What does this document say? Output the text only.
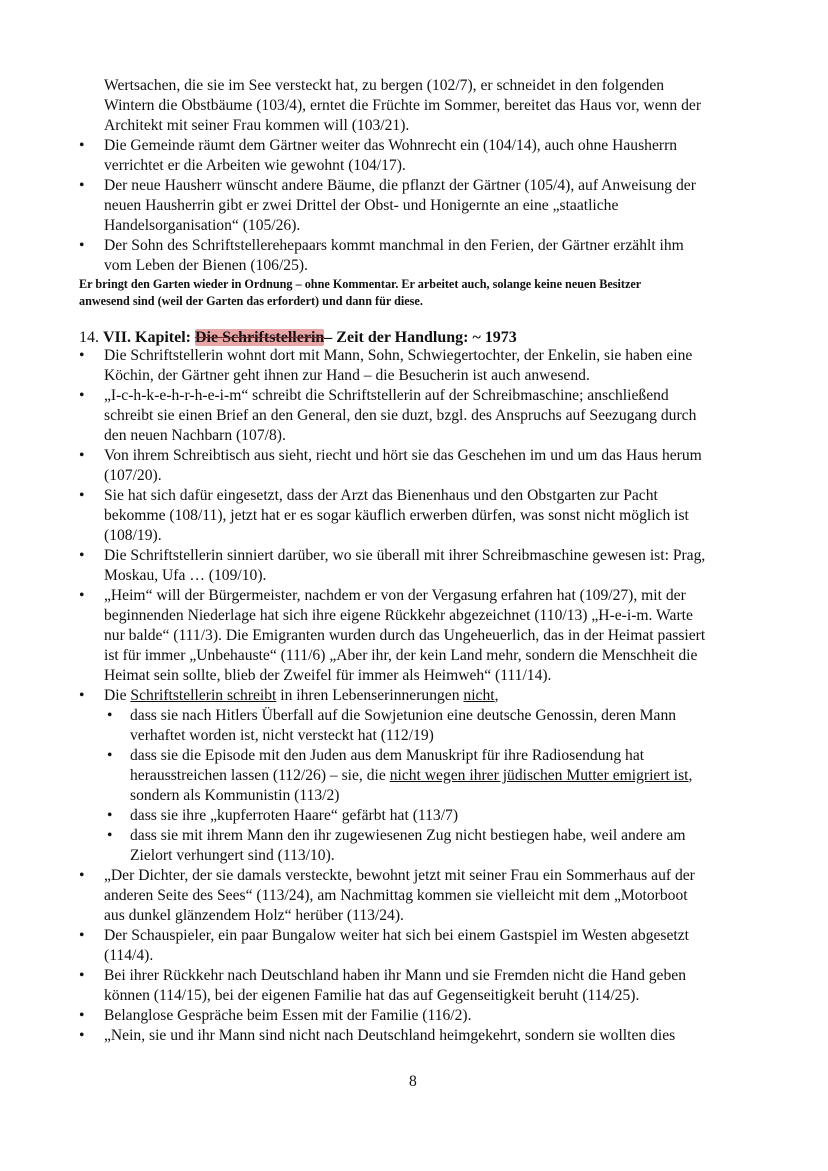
Wertsachen, die sie im See versteckt hat, zu bergen (102/7), er schneidet in den folgenden
Wintern die Obstbäume (103/4), erntet die Früchte im Sommer, bereitet das Haus vor, wenn der
Architekt mit seiner Frau kommen will (103/21).
• Die Gemeinde räumt dem Gärtner weiter das Wohnrecht ein (104/14), auch ohne Hausherrn
verrichtet er die Arbeiten wie gewohnt (104/17).
• Der neue Hausherr wünscht andere Bäume, die pflanzt der Gärtner (105/4), auf Anweisung der
neuen Hausherrin gibt er zwei Drittel der Obst- und Honigernte an eine „staatliche
Handelsorganisation“ (105/26).
• Der Sohn des Schriftstellerehepaars kommt manchmal in den Ferien, der Gärtner erzählt ihm
vom Leben der Bienen (106/25).
Er bringt den Garten wieder in Ordnung – ohne Kommentar. Er arbeitet auch, solange keine neuen Besitzer
anwesend sind (weil der Garten das erfordert) und dann für diese.
14. VII. Kapitel: Die Schriftstellerin– Zeit der Handlung: ~ 1973
• Die Schriftstellerin wohnt dort mit Mann, Sohn, Schwiegertochter, der Enkelin, sie haben eine
Köchin, der Gärtner geht ihnen zur Hand – die Besucherin ist auch anwesend.
• „I-c-h-k-e-h-r-h-e-i-m“ schreibt die Schriftstellerin auf der Schreibmaschine; anschließend
schreibt sie einen Brief an den General, den sie duzt, bzgl. des Anspruchs auf Seezugang durch
den neuen Nachbarn (107/8).
• Von ihrem Schreibtisch aus sieht, riecht und hört sie das Geschehen im und um das Haus herum
(107/20).
• Sie hat sich dafür eingesetzt, dass der Arzt das Bienenhaus und den Obstgarten zur Pacht
bekomme (108/11), jetzt hat er es sogar käuflich erwerben dürfen, was sonst nicht möglich ist
(108/19).
• Die Schriftstellerin sinniert darüber, wo sie überall mit ihrer Schreibmaschine gewesen ist: Prag,
Moskau, Ufa … (109/10).
• „Heim“ will der Bürgermeister, nachdem er von der Vergasung erfahren hat (109/27), mit der
beginnenden Niederlage hat sich ihre eigene Rückkehr abgezeichnet (110/13) „H-e-i-m. Warte
nur balde“ (111/3). Die Emigranten wurden durch das Ungeheuerlich, das in der Heimat passiert
ist für immer „Unbehauste“ (111/6) „Aber ihr, der kein Land mehr, sondern die Menschheit die
Heimat sein sollte, blieb der Zweifel für immer als Heimweh“ (111/14).
• Die Schriftstellerin schreibt in ihren Lebenserinnerungen nicht,
• dass sie nach Hitlers Überfall auf die Sowjetunion eine deutsche Genossin, deren Mann
verhaftet worden ist, nicht versteckt hat (112/19)
• dass sie die Episode mit den Juden aus dem Manuskript für ihre Radiosendung hat
herausstreichen lassen (112/26) – sie, die nicht wegen ihrer jüdischen Mutter emigriert ist,
sondern als Kommunistin (113/2)
• dass sie ihre „kupferroten Haare“ gefärbt hat (113/7)
• dass sie mit ihrem Mann den ihr zugewiesenen Zug nicht bestiegen habe, weil andere am
Zielort verhungert sind (113/10).
• „Der Dichter, der sie damals versteckte, bewohnt jetzt mit seiner Frau ein Sommerhaus auf der
anderen Seite des Sees“ (113/24), am Nachmittag kommen sie vielleicht mit dem „Motorboot
aus dunkel glänzendem Holz“ herüber (113/24).
• Der Schauspieler, ein paar Bungalow weiter hat sich bei einem Gastspiel im Westen abgesetzt
(114/4).
• Bei ihrer Rückkehr nach Deutschland haben ihr Mann und sie Fremden nicht die Hand geben
können (114/15), bei der eigenen Familie hat das auf Gegenseitigkeit beruht (114/25).
• Belanglose Gespräche beim Essen mit der Familie (116/2).
• „Nein, sie und ihr Mann sind nicht nach Deutschland heimgekehrt, sondern sie wollten dies
8
